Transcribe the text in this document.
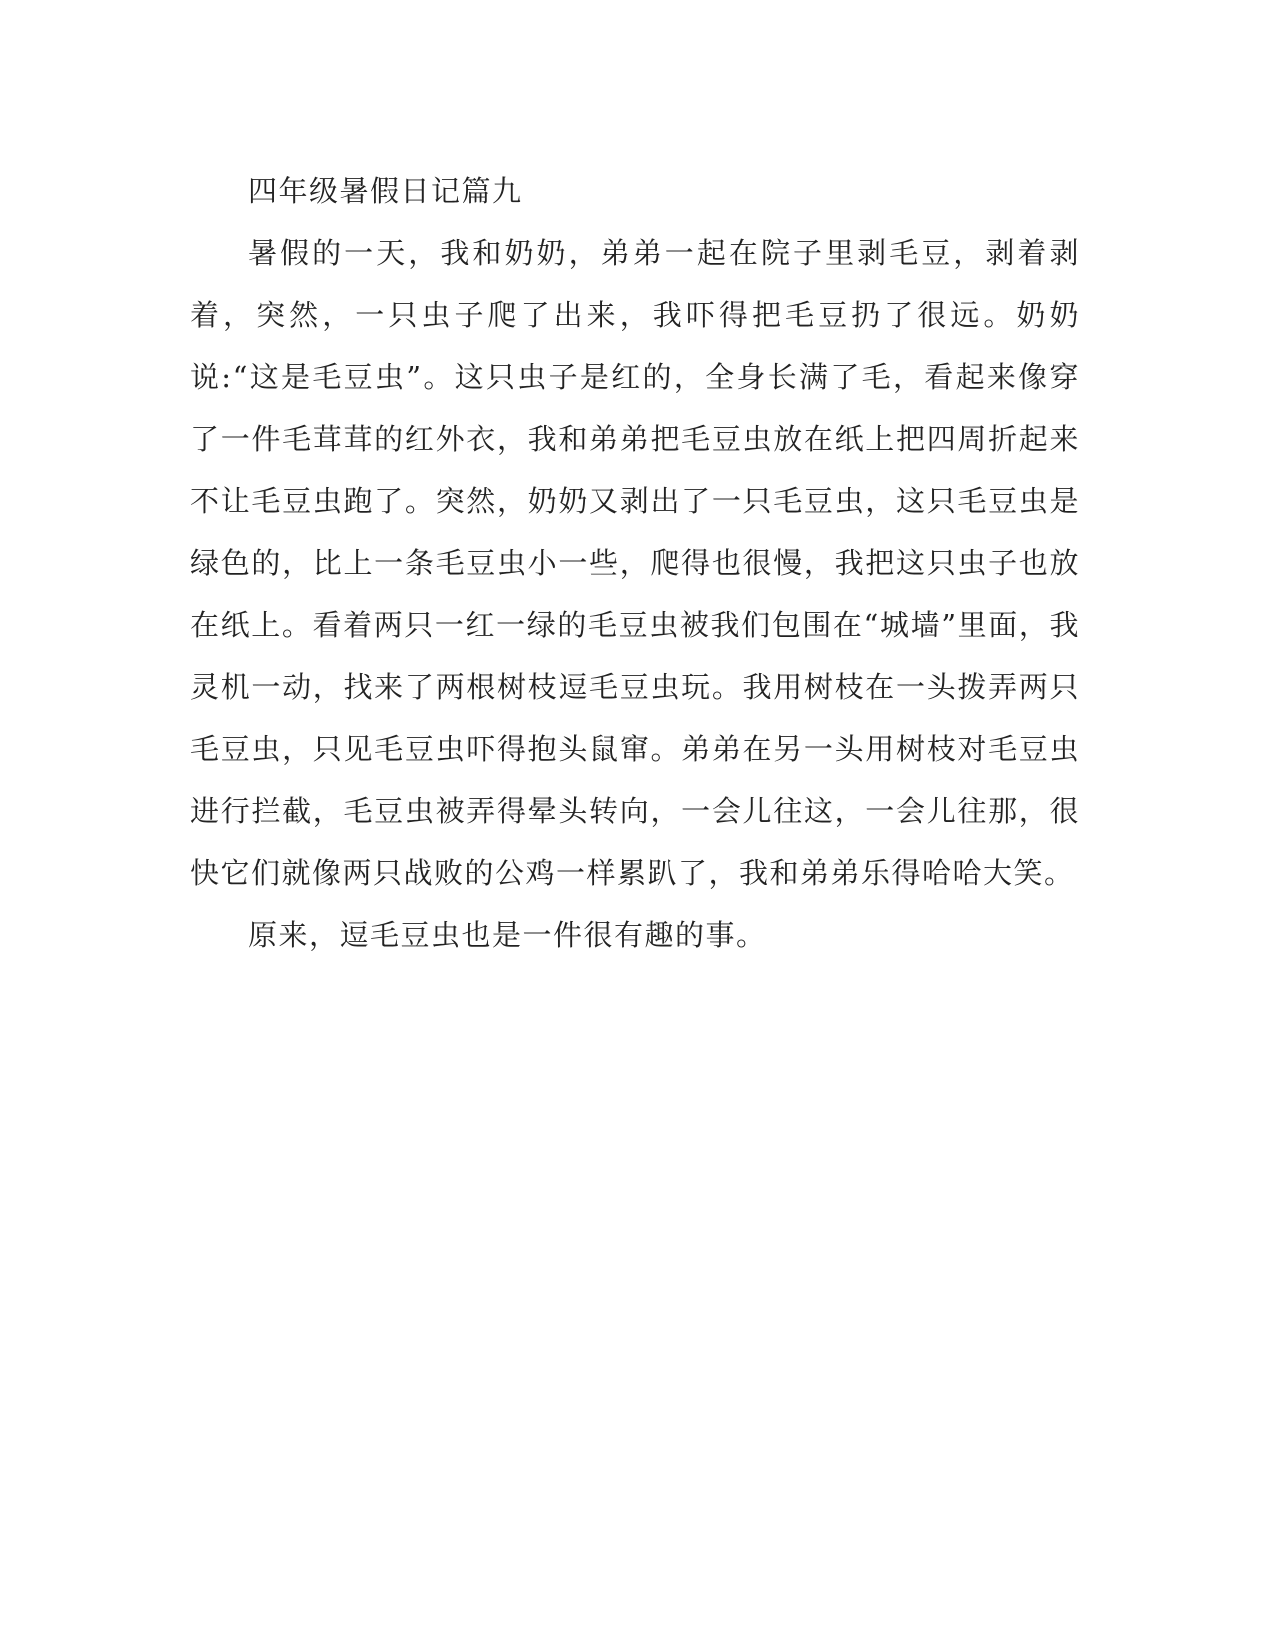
四年级暑假日记篇九

暑假的一天，我和奶奶，弟弟一起在院子里剥毛豆，剥着剥着，突然，一只虫子爬了出来，我吓得把毛豆扔了很远。奶奶说:“这是毛豆虫”。这只虫子是红的，全身长满了毛，看起来像穿了一件毛茸茸的红外衣，我和弟弟把毛豆虫放在纸上把四周折起来不让毛豆虫跑了。突然，奶奶又剥出了一只毛豆虫，这只毛豆虫是绿色的，比上一条毛豆虫小一些，爬得也很慢，我把这只虫子也放在纸上。看着两只一红一绿的毛豆虫被我们包围在“城墙”里面，我灵机一动，找来了两根树枝逗毛豆虫玩。我用树枝在一头拨弄两只毛豆虫，只见毛豆虫吓得抱头鼠窜。弟弟在另一头用树枝对毛豆虫进行拦截，毛豆虫被弄得晕头转向，一会儿往这，一会儿往那，很快它们就像两只战败的公鸡一样累趴了，我和弟弟乐得哈哈大笑。

原来，逗毛豆虫也是一件很有趣的事。
